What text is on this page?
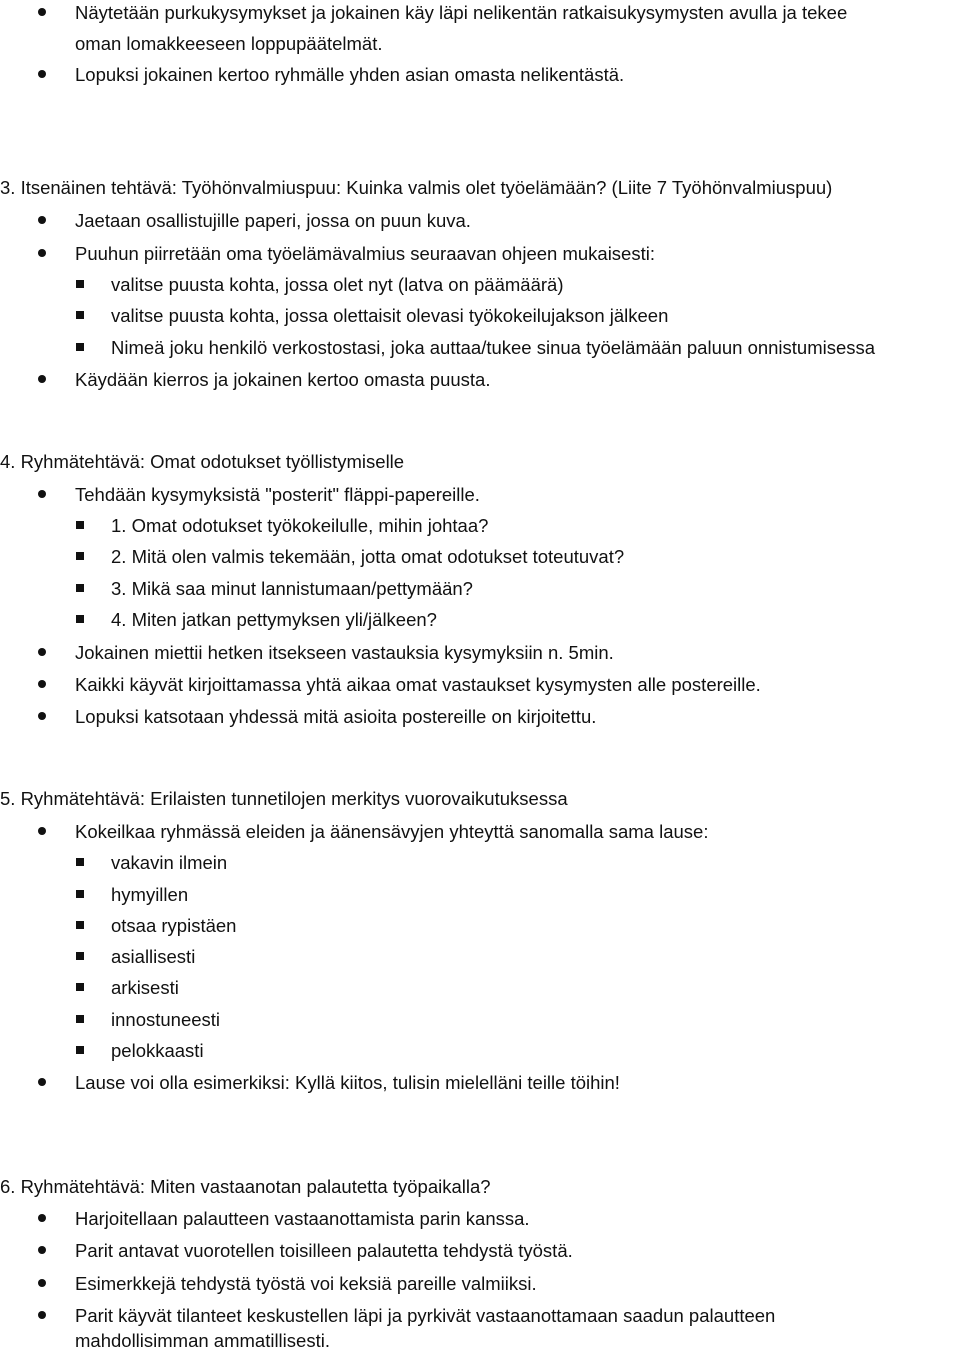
Näytetään purkukysymykset ja jokainen käy läpi nelikentän ratkaisukysymysten avulla ja tekee
oman lomakkeeseen loppupäätelmät.
Lopuksi jokainen kertoo ryhmälle yhden asian omasta nelikentästä.
3. Itsenäinen tehtävä: Työhönvalmiuspuu: Kuinka valmis olet työelämään? (Liite 7 Työhönvalmiuspuu)
Jaetaan osallistujille paperi, jossa on puun kuva.
Puuhun piirretään oma työelämävalmius seuraavan ohjeen mukaisesti:
valitse puusta kohta, jossa olet nyt (latva on päämäärä)
valitse puusta kohta, jossa olettaisit olevasi työkokeilujakson jälkeen
Nimeä joku henkilö verkostostasi, joka auttaa/tukee sinua työelämään paluun onnistumisessa
Käydään kierros ja jokainen kertoo omasta puusta.
4. Ryhmätehtävä: Omat odotukset työllistymiselle
Tehdään kysymyksistä "posterit" fläppi-papereille.
1. Omat odotukset työkokeilulle, mihin johtaa?
2. Mitä olen valmis tekemään, jotta omat odotukset toteutuvat?
3. Mikä saa minut lannistumaan/pettymään?
4. Miten jatkan pettymyksen yli/jälkeen?
Jokainen miettii hetken itsekseen vastauksia kysymyksiin n. 5min.
Kaikki käyvät kirjoittamassa yhtä aikaa omat vastaukset kysymysten alle postereille.
Lopuksi katsotaan yhdessä mitä asioita postereille on kirjoitettu.
5. Ryhmätehtävä: Erilaisten tunnetilojen merkitys vuorovaikutuksessa
Kokeilkaa ryhmässä eleiden ja äänensävyjen yhteyttä sanomalla sama lause:
vakavin ilmein
hymyillen
otsaa rypistäen
asiallisesti
arkisesti
innostuneesti
pelokkaasti
Lause voi olla esimerkiksi: Kyllä kiitos, tulisin mielelläni teille töihin!
6. Ryhmätehtävä: Miten vastaanotan palautetta työpaikalla?
Harjoitellaan palautteen vastaanottamista parin kanssa.
Parit antavat vuorotellen toisilleen palautetta tehdystä työstä.
Esimerkkejä tehdystä työstä voi keksiä pareille valmiiksi.
Parit käyvät tilanteet keskustellen läpi ja pyrkivät vastaanottamaan saadun palautteen
mahdollisimman ammatillisesti.
